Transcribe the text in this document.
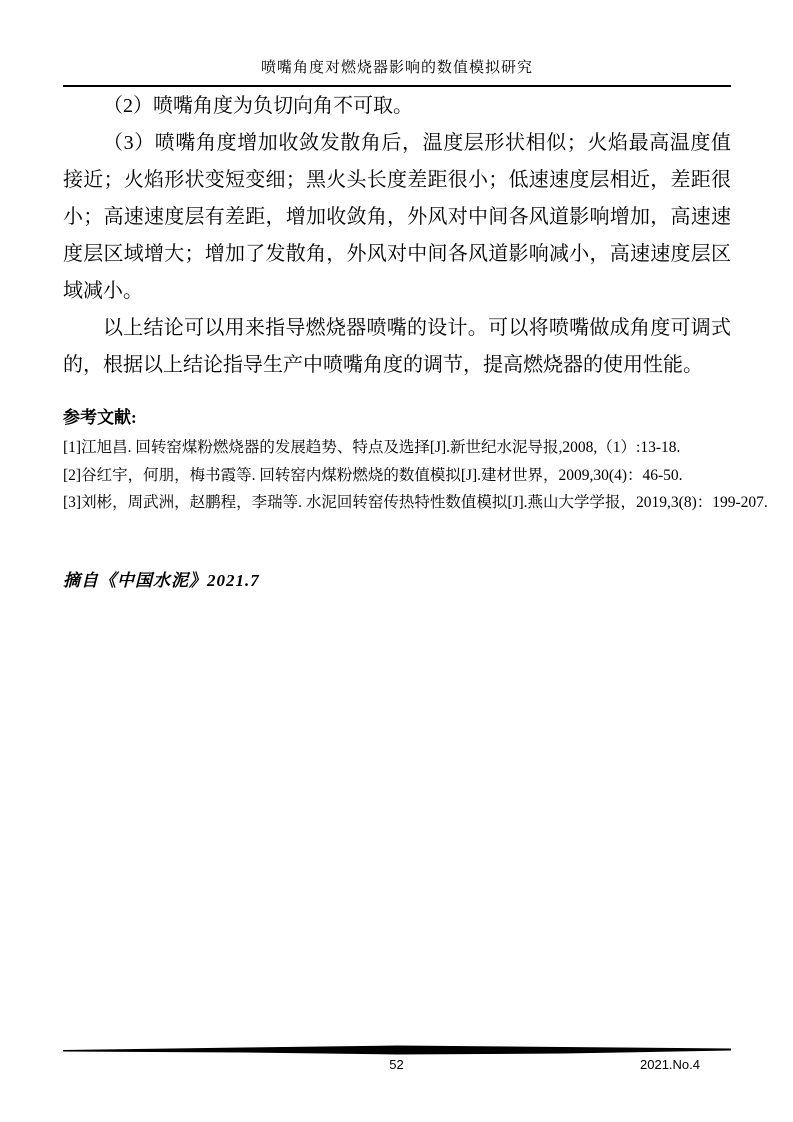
喷嘴角度对燃烧器影响的数值模拟研究

（2）喷嘴角度为负切向角不可取。

（3）喷嘴角度增加收敛发散角后，温度层形状相似；火焰最高温度值接近；火焰形状变短变细；黑火头长度差距很小；低速速度层相近，差距很小；高速速度层有差距，增加收敛角，外风对中间各风道影响增加，高速速度层区域增大；增加了发散角，外风对中间各风道影响减小，高速速度层区域减小。

以上结论可以用来指导燃烧器喷嘴的设计。可以将喷嘴做成角度可调式的，根据以上结论指导生产中喷嘴角度的调节，提高燃烧器的使用性能。

参考文献:

[1]江旭昌. 回转窑煤粉燃烧器的发展趋势、特点及选择[J].新世纪水泥导报,2008,（1）:13-18.

[2]谷红宇，何朋，梅书霞等. 回转窑内煤粉燃烧的数值模拟[J].建材世界，2009,30(4)：46-50.

[3]刘彬，周武洲，赵鹏程，李瑞等. 水泥回转窑传热特性数值模拟[J].燕山大学学报，2019,3(8)：199-207.

摘自《中国水泥》2021.7
52	2021.No.4
